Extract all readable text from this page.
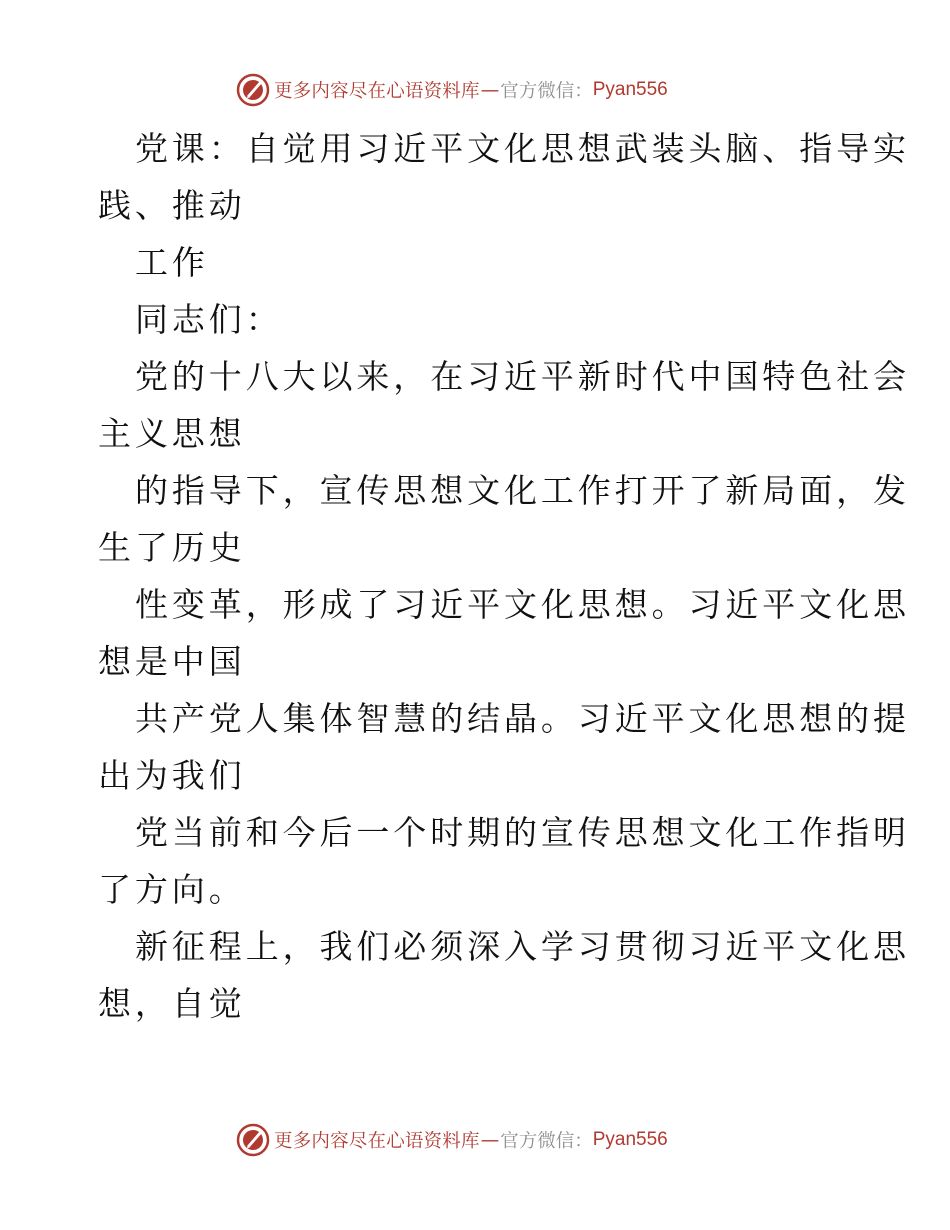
更多内容尽在心语资料库 — 官方微信： Pyan556
党课：自觉用习近平文化思想武装头脑、指导实
践、推动
工作
同志们：
党的十八大以来，在习近平新时代中国特色社会
主义思想
的指导下，宣传思想文化工作打开了新局面，发
生了历史
性变革，形成了习近平文化思想。习近平文化思
想是中国
共产党人集体智慧的结晶。习近平文化思想的提
出为我们
党当前和今后一个时期的宣传思想文化工作指明
了方向。
新征程上，我们必须深入学习贯彻习近平文化思
想，自觉
更多内容尽在心语资料库 — 官方微信： Pyan556
